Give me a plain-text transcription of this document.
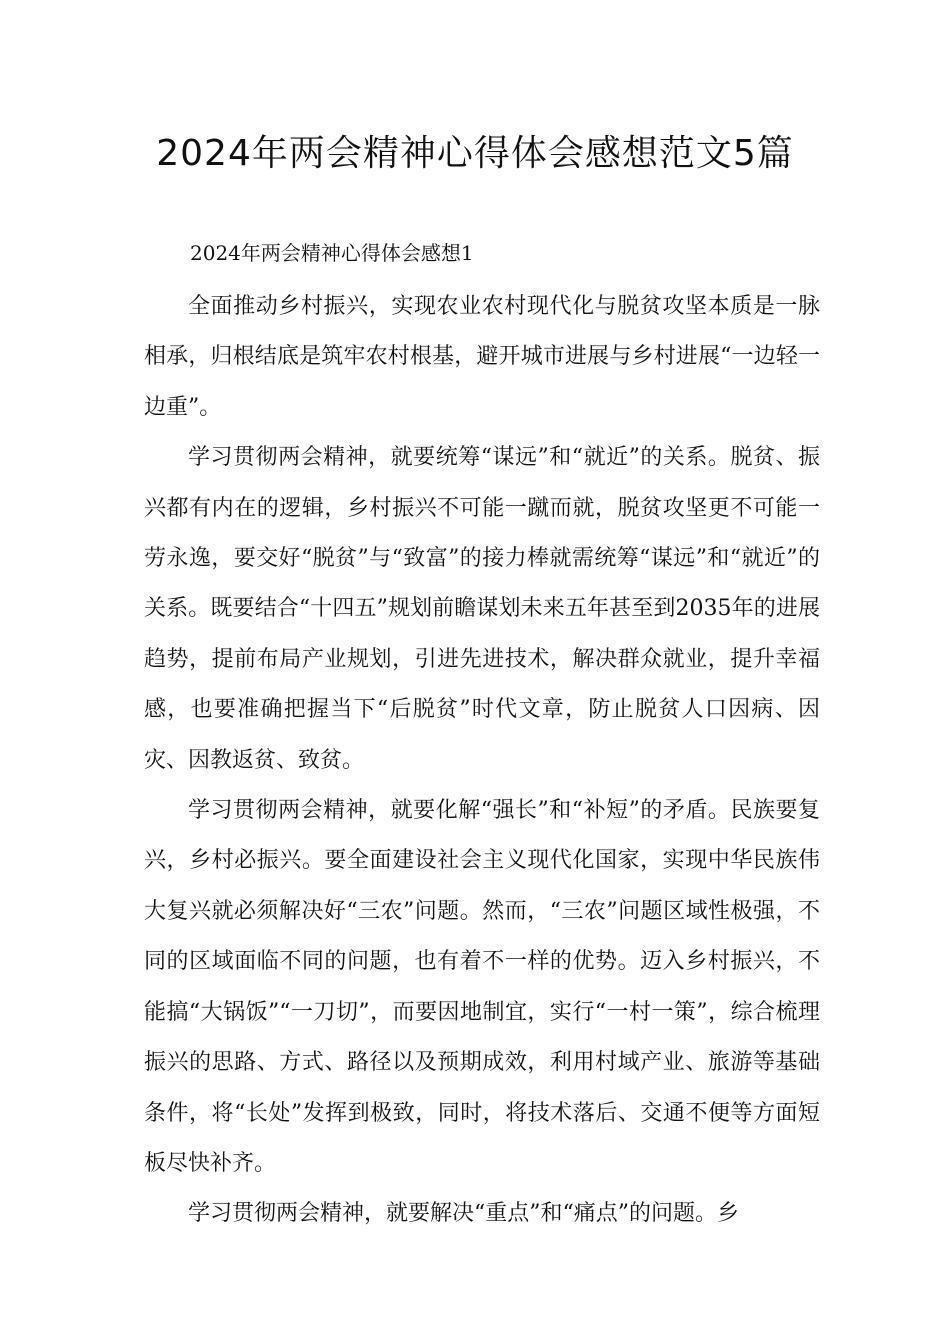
2024年两会精神心得体会感想范文5篇

2024年两会精神心得体会感想1

全面推动乡村振兴，实现农业农村现代化与脱贫攻坚本质是一脉相承，归根结底是筑牢农村根基，避开城市进展与乡村进展“一边轻一边重”。

学习贯彻两会精神，就要统筹“谋远”和“就近”的关系。脱贫、振兴都有内在的逻辑，乡村振兴不可能一蹴而就，脱贫攻坚更不可能一劳永逸，要交好“脱贫”与“致富”的接力棒就需统筹“谋远”和“就近”的关系。既要结合“十四五”规划前瞻谋划未来五年甚至到2035年的进展趋势，提前布局产业规划，引进先进技术，解决群众就业，提升幸福感，也要准确把握当下“后脱贫”时代文章，防止脱贫人口因病、因灾、因教返贫、致贫。

学习贯彻两会精神，就要化解“强长”和“补短”的矛盾。民族要复兴，乡村必振兴。要全面建设社会主义现代化国家，实现中华民族伟大复兴就必须解决好“三农”问题。然而，“三农”问题区域性极强，不同的区域面临不同的问题，也有着不一样的优势。迈入乡村振兴，不能搞“大锅饭”“一刀切”，而要因地制宜，实行“一村一策”，综合梳理振兴的思路、方式、路径以及预期成效，利用村域产业、旅游等基础条件，将“长处”发挥到极致，同时，将技术落后、交通不便等方面短板尽快补齐。

学习贯彻两会精神，就要解决“重点”和“痛点”的问题。乡
